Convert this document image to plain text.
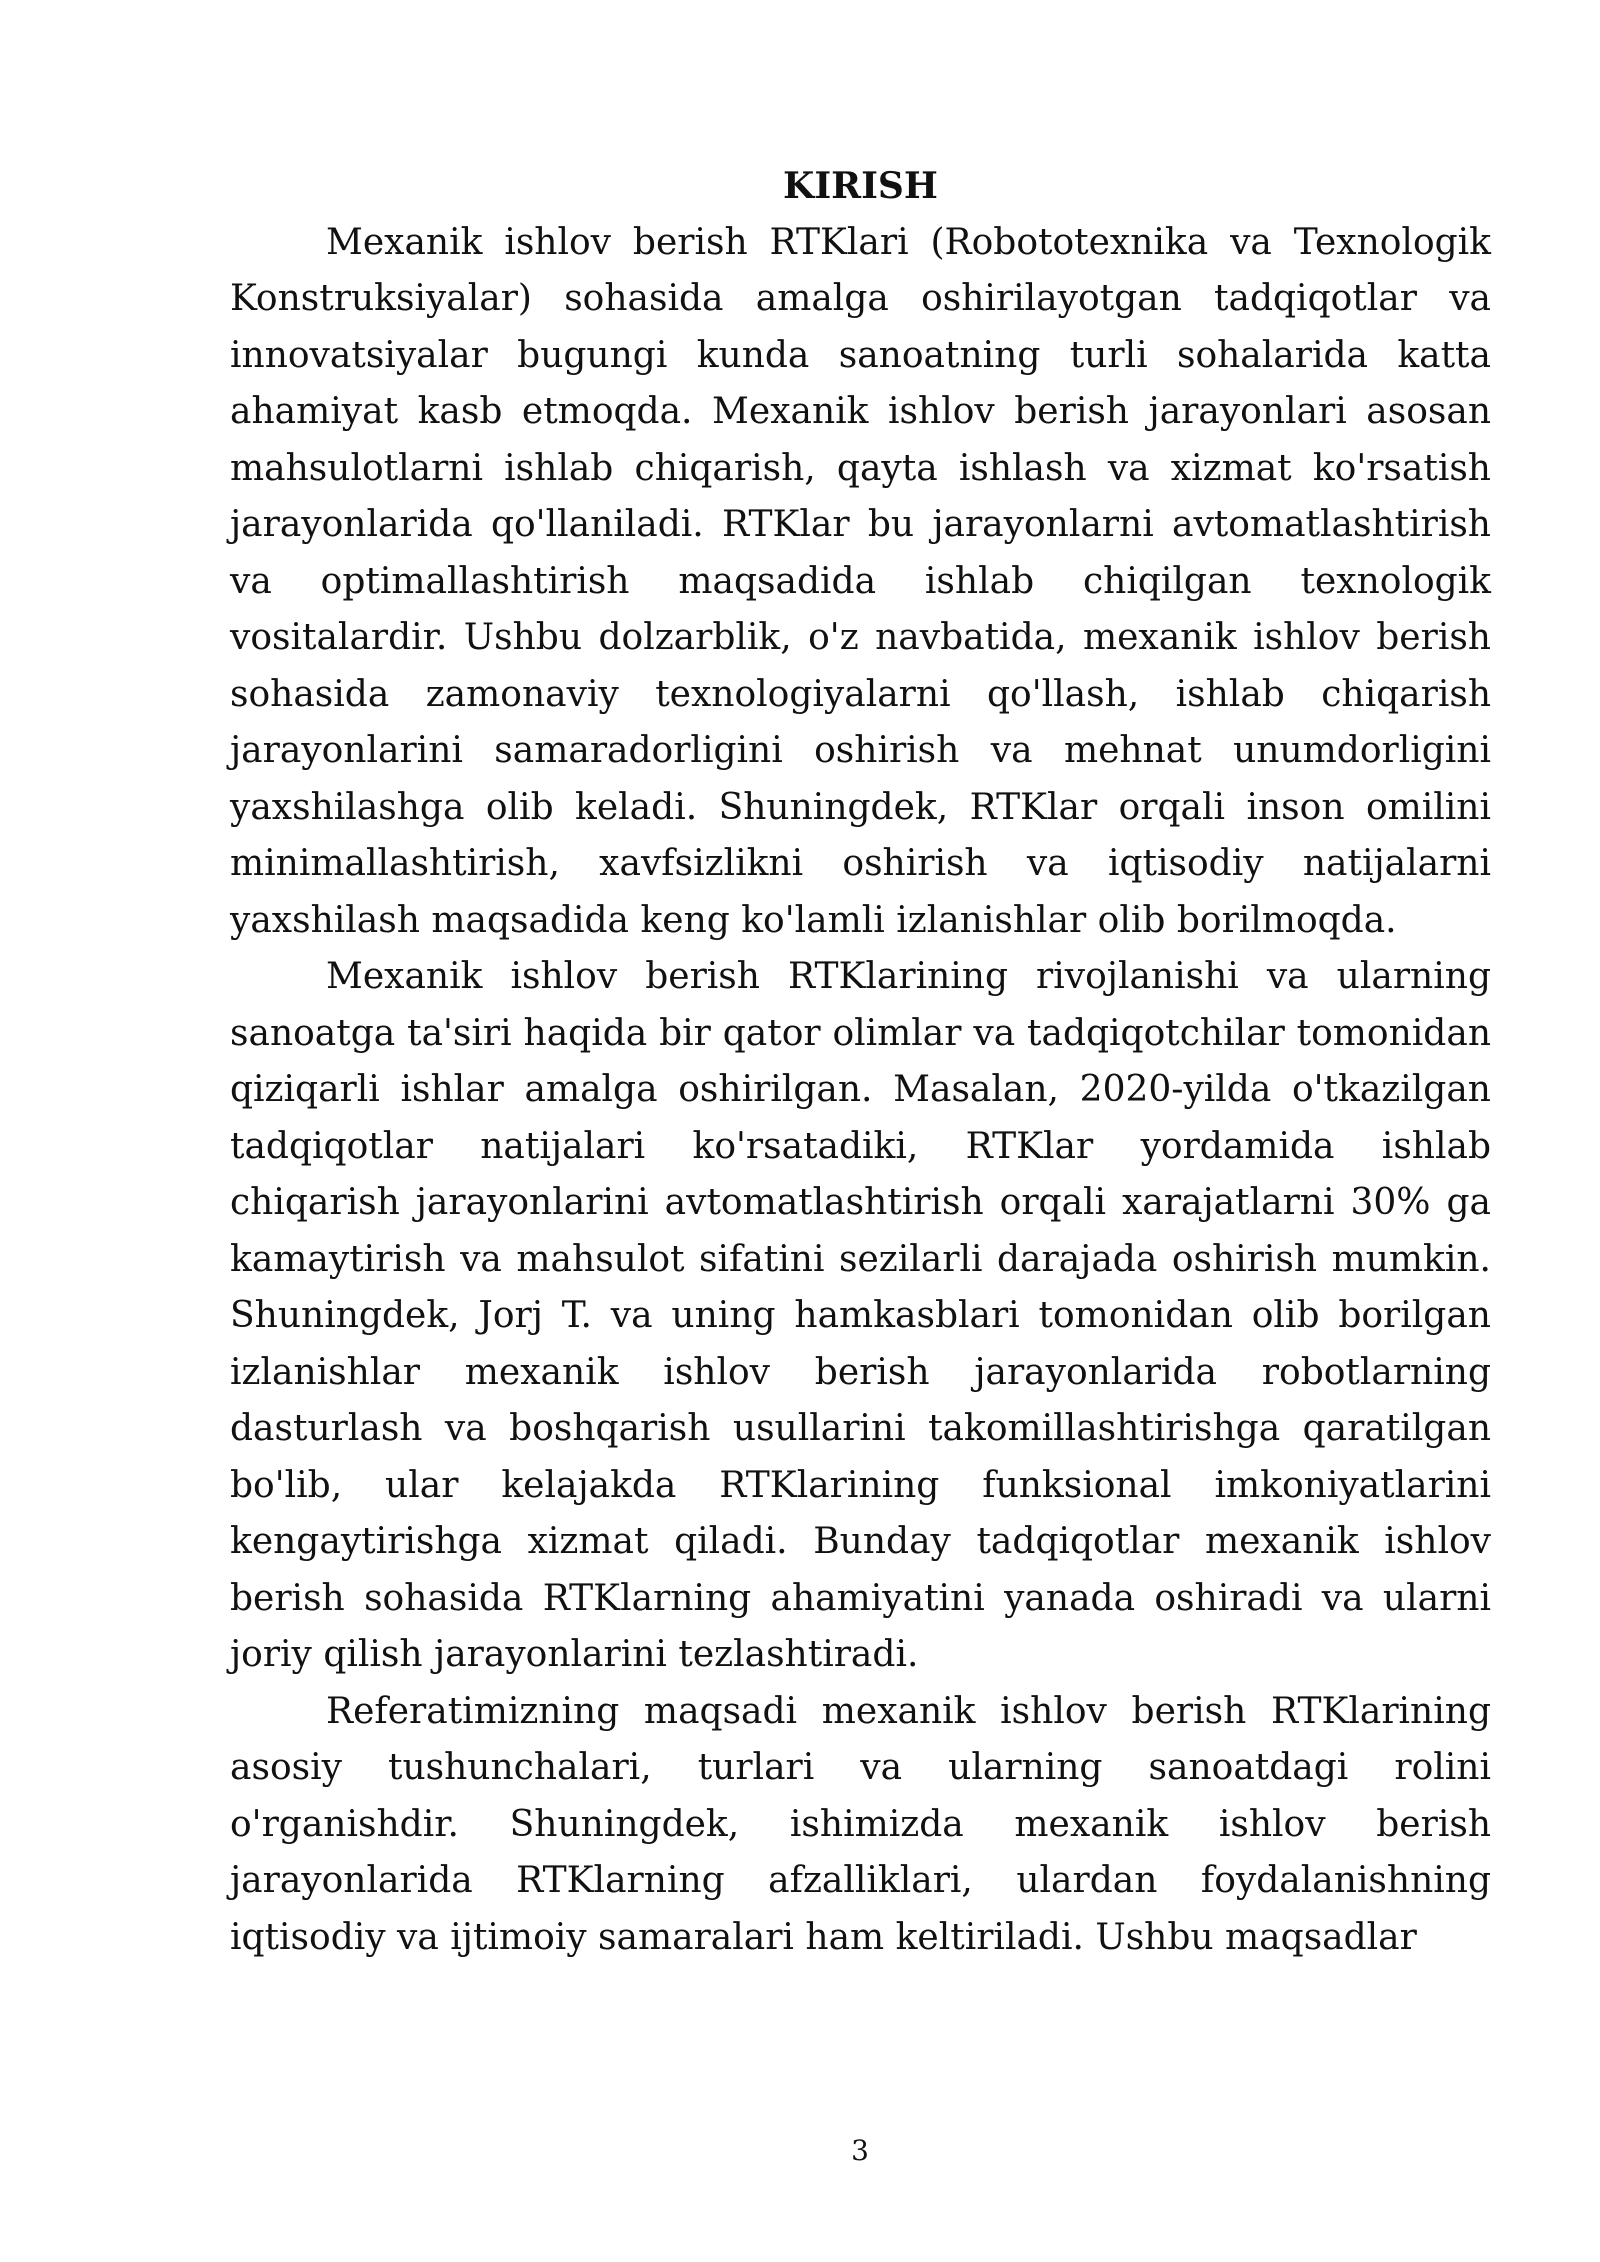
KIRISH

Mexanik ishlov berish RTKlari (Robototexnika va Texnologik Konstruksiyalar) sohasida amalga oshirilayotgan tadqiqotlar va innovatsiyalar bugungi kunda sanoatning turli sohalarida katta ahamiyat kasb etmoqda. Mexanik ishlov berish jarayonlari asosan mahsulotlarni ishlab chiqarish, qayta ishlash va xizmat ko'rsatish jarayonlarida qo'llaniladi. RTKlar bu jarayonlarni avtomatlashtirish va optimallashtirish maqsadida ishlab chiqilgan texnologik vositalardir. Ushbu dolzarblik, o'z navbatida, mexanik ishlov berish sohasida zamonaviy texnologiyalarni qo'llash, ishlab chiqarish jarayonlarini samaradorligini oshirish va mehnat unumdorligini yaxshilashga olib keladi. Shuningdek, RTKlar orqali inson omilini minimallashtirish, xavfsizlikni oshirish va iqtisodiy natijalarni yaxshilash maqsadida keng ko'lamli izlanishlar olib borilmoqda.

Mexanik ishlov berish RTKlarining rivojlanishi va ularning sanoatga ta'siri haqida bir qator olimlar va tadqiqotchilar tomonidan qiziqarli ishlar amalga oshirilgan. Masalan, 2020-yilda o'tkazilgan tadqiqotlar natijalari ko'rsatadiki, RTKlar yordamida ishlab chiqarish jarayonlarini avtomatlashtirish orqali xarajatlarni 30% ga kamaytirish va mahsulot sifatini sezilarli darajada oshirish mumkin. Shuningdek, Jorj T. va uning hamkasblari tomonidan olib borilgan izlanishlar mexanik ishlov berish jarayonlarida robotlarning dasturlash va boshqarish usullarini takomillashtirishga qaratilgan bo'lib, ular kelajakda RTKlarining funksional imkoniyatlarini kengaytirishga xizmat qiladi. Bunday tadqiqotlar mexanik ishlov berish sohasida RTKlarning ahamiyatini yanada oshiradi va ularni joriy qilish jarayonlarini tezlashtiradi.

Referatimizning maqsadi mexanik ishlov berish RTKlarining asosiy tushunchalari, turlari va ularning sanoatdagi rolini o'rganishdir. Shuningdek, ishimizda mexanik ishlov berish jarayonlarida RTKlarning afzalliklari, ulardan foydalanishning iqtisodiy va ijtimoiy samaralari ham keltiriladi. Ushbu maqsadlar

3
